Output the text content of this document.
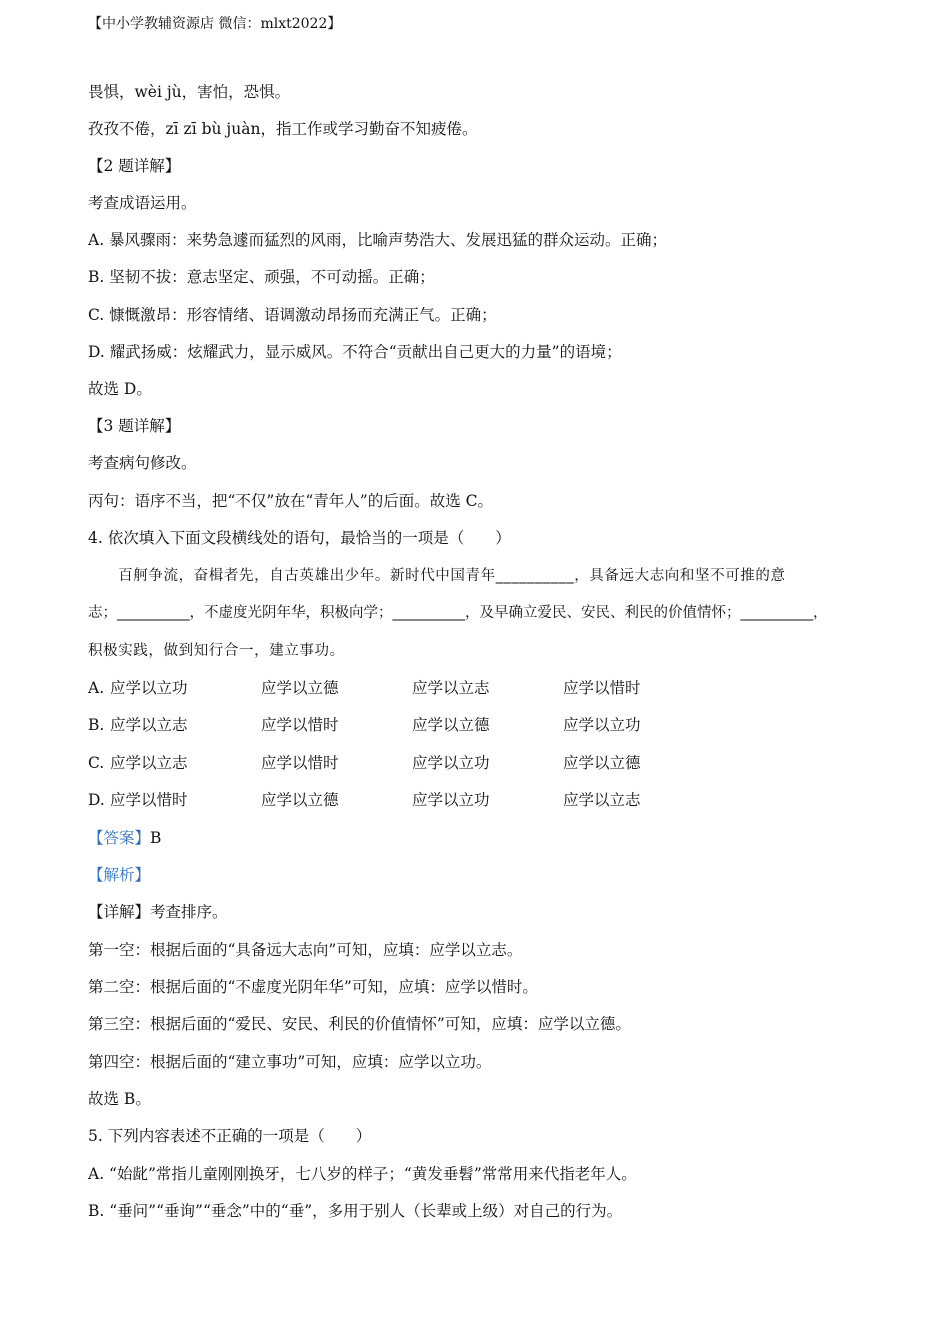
【中小学教辅资源店 微信：mlxt2022】
畏惧，wèi jù，害怕，恐惧。
孜孜不倦，zī zī bù juàn，指工作或学习勤奋不知疲倦。
【2 题详解】
考查成语运用。
A. 暴风骤雨：来势急遽而猛烈的风雨，比喻声势浩大、发展迅猛的群众运动。正确；
B. 坚韧不拔：意志坚定、顽强，不可动摇。正确；
C. 慷慨激昂：形容情绪、语调激动昂扬而充满正气。正确；
D. 耀武扬威：炫耀武力，显示威风。不符合“贡献出自己更大的力量”的语境；
故选 D。
【3 题详解】
考查病句修改。
丙句：语序不当，把“不仅”放在“青年人”的后面。故选 C。
4. 依次填入下面文段横线处的语句，最恰当的一项是（　　）
　　百舸争流，奋楫者先，自古英雄出少年。新时代中国青年__________，具备远大志向和坚不可推的意
志；__________，不虚度光阴年华，积极向学；__________，及早确立爱民、安民、利民的价值情怀；__________，
积极实践，做到知行合一，建立事功。
A. 应学以立功	应学以立德	应学以立志	应学以惜时
B. 应学以立志	应学以惜时	应学以立德	应学以立功
C. 应学以立志	应学以惜时	应学以立功	应学以立德
D. 应学以惜时	应学以立德	应学以立功	应学以立志
【答案】B
【解析】
【详解】考查排序。
第一空：根据后面的“具备远大志向”可知，应填：应学以立志。
第二空：根据后面的“不虚度光阴年华”可知，应填：应学以惜时。
第三空：根据后面的“爱民、安民、利民的价值情怀”可知，应填：应学以立德。
第四空：根据后面的“建立事功”可知，应填：应学以立功。
故选 B。
5. 下列内容表述不正确的一项是（　　）
A. “始龀”常指儿童刚刚换牙，七八岁的样子；“黄发垂髫”常常用来代指老年人。
B. “垂问”“垂询”“垂念”中的“垂”，多用于别人（长辈或上级）对自己的行为。
